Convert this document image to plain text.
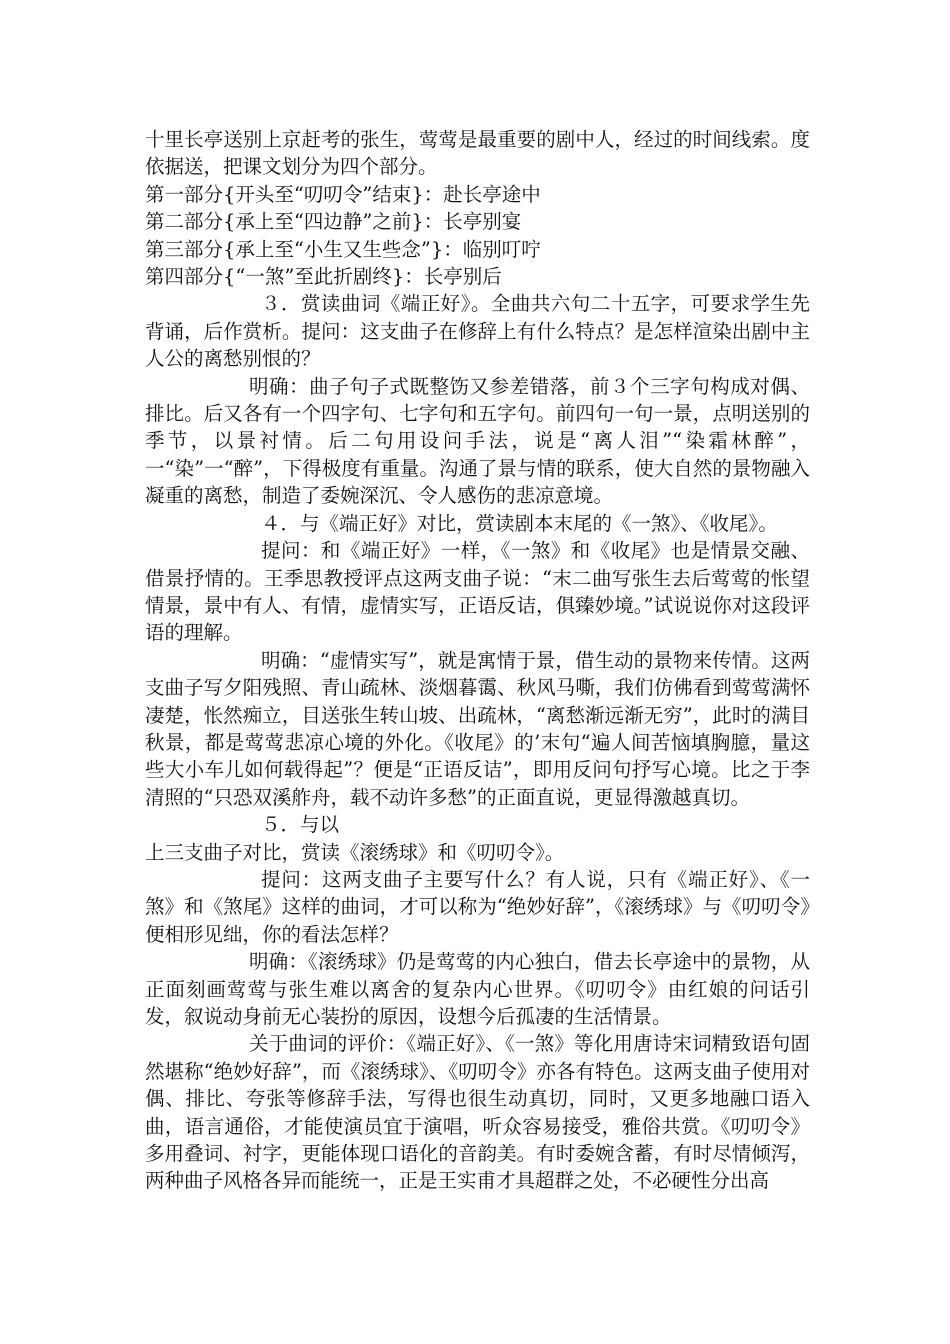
十里长亭送别上京赶考的张生，莺莺是最重要的剧中人，经过的时间线索。度依据送，把课文划分为四个部分。

第一部分{开头至“叨叨令”结束}：赴长亭途中

第二部分{承上至“四边静”之前}：长亭别宴

第三部分{承上至“小生又生些念”}：临别叮咛

第四部分{“一煞”至此折剧终}：长亭别后

３．赏读曲词《端正好》。全曲共六句二十五字，可要求学生先背诵，后作赏析。提问：这支曲子在修辞上有什么特点？是怎样渲染出剧中主人公的离愁别恨的？

明确：曲子句子式既整饬又参差错落，前３个三字句构成对偶、排比。后又各有一个四字句、七字句和五字句。前四句一句一景，点明送别的季节，以景衬情。后二句用设问手法，说是“离人泪”“染霜林醉”，一“染”一“醉”，下得极度有重量。沟通了景与情的联系，使大自然的景物融入凝重的离愁，制造了委婉深沉、令人感伤的悲凉意境。

４．与《端正好》对比，赏读剧本末尾的《一煞》、《收尾》。

提问：和《端正好》一样，《一煞》和《收尾》也是情景交融、借景抒情的。王季思教授评点这两支曲子说：“末二曲写张生去后莺莺的怅望情景，景中有人、有情，虚情实写，正语反诘，俱臻妙境。”试说说你对这段评语的理解。

明确：“虚情实写”，就是寓情于景，借生动的景物来传情。这两支曲子写夕阳残照、青山疏林、淡烟暮霭、秋风马嘶，我们仿佛看到莺莺满怀凄楚，怅然痴立，目送张生转山坡、出疏林，“离愁渐远渐无穷”，此时的满目秋景，都是莺莺悲凉心境的外化。《收尾》的’末句“遍人间苦恼填胸臆，量这些大小车儿如何载得起”？便是“正语反诘”，即用反问句抒写心境。比之于李清照的“只恐双溪舴舟，载不动许多愁”的正面直说，更显得激越真切。

５．与以

上三支曲子对比，赏读《滚绣球》和《叨叨令》。

提问：这两支曲子主要写什么？有人说，只有《端正好》、《一煞》和《煞尾》这样的曲词，才可以称为“绝妙好辞”，《滚绣球》与《叨叨令》便相形见绌，你的看法怎样？

明确：《滚绣球》仍是莺莺的内心独白，借去长亭途中的景物，从正面刻画莺莺与张生难以离舍的复杂内心世界。《叨叨令》由红娘的问话引发，叙说动身前无心装扮的原因，设想今后孤凄的生活情景。

关于曲词的评价：《端正好》、《一煞》等化用唐诗宋词精致语句固然堪称“绝妙好辞”，而《滚绣球》、《叨叨令》亦各有特色。这两支曲子使用对偶、排比、夸张等修辞手法，写得也很生动真切，同时，又更多地融口语入曲，语言通俗，才能使演员宜于演唱，听众容易接受，雅俗共赏。《叨叨令》多用叠词、衬字，更能体现口语化的音韵美。有时委婉含蓄，有时尽情倾泻，两种曲子风格各异而能统一，正是王实甫才具超群之处，不必硬性分出高
